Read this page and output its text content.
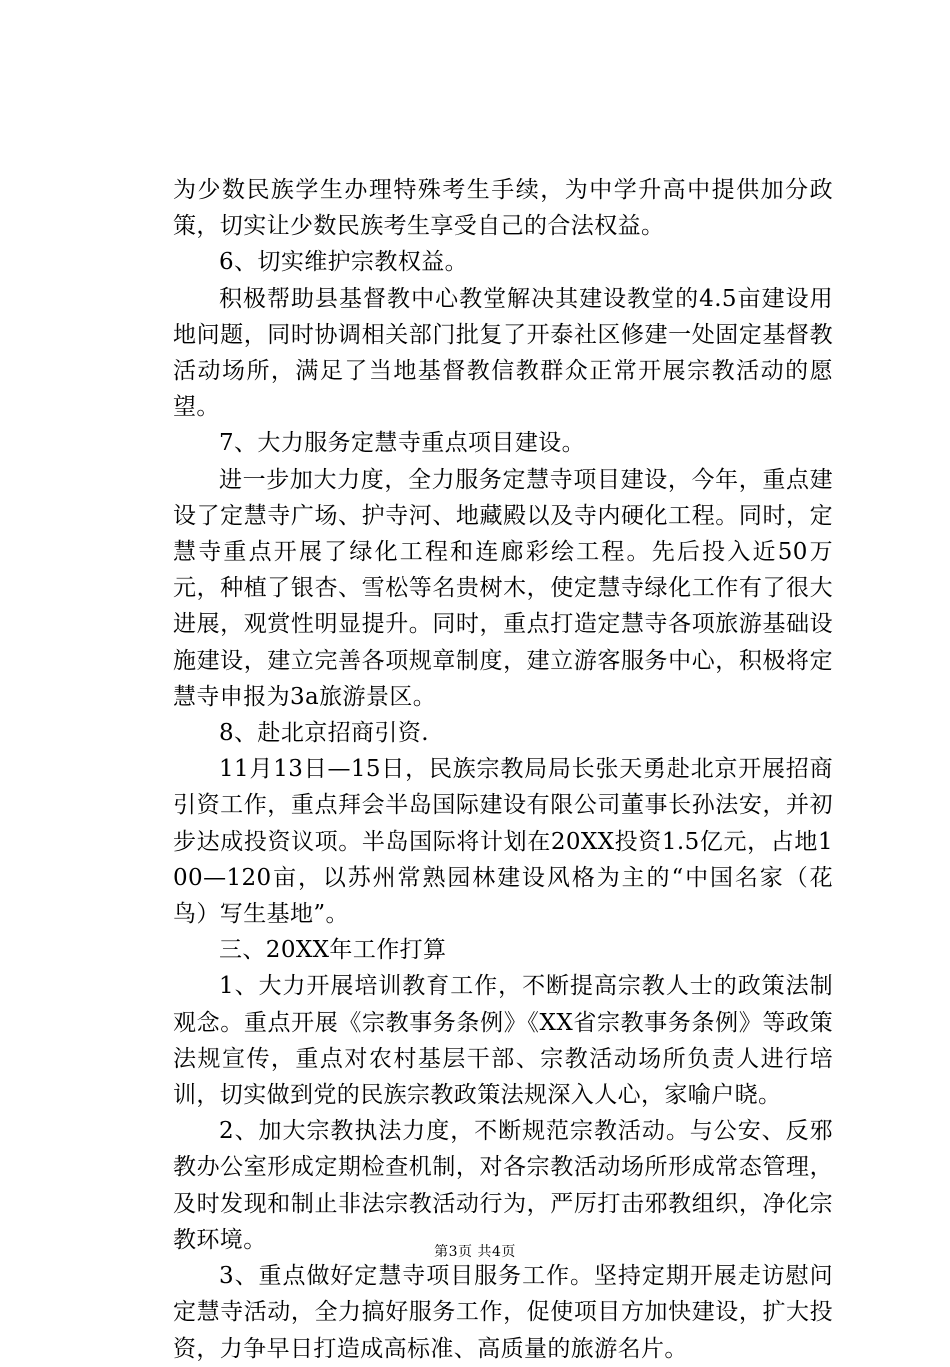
为少数民族学生办理特殊考生手续，为中学升高中提供加分政策，切实让少数民族考生享受自己的合法权益。

6、切实维护宗教权益。

积极帮助县基督教中心教堂解决其建设教堂的4.5亩建设用地问题，同时协调相关部门批复了开泰社区修建一处固定基督教活动场所，满足了当地基督教信教群众正常开展宗教活动的愿望。

7、大力服务定慧寺重点项目建设。

进一步加大力度，全力服务定慧寺项目建设，今年，重点建设了定慧寺广场、护寺河、地藏殿以及寺内硬化工程。同时，定慧寺重点开展了绿化工程和连廊彩绘工程。先后投入近50万元，种植了银杏、雪松等名贵树木，使定慧寺绿化工作有了很大进展，观赏性明显提升。同时，重点打造定慧寺各项旅游基础设施建设，建立完善各项规章制度，建立游客服务中心，积极将定慧寺申报为3a旅游景区。

8、赴北京招商引资.

11月13日—15日，民族宗教局局长张天勇赴北京开展招商引资工作，重点拜会半岛国际建设有限公司董事长孙法安，并初步达成投资议项。半岛国际将计划在20XX投资1.5亿元，占地100—120亩，以苏州常熟园林建设风格为主的“中国名家（花鸟）写生基地”。

三、20XX年工作打算

1、大力开展培训教育工作，不断提高宗教人士的政策法制观念。重点开展《宗教事务条例》《XX省宗教事务条例》等政策法规宣传，重点对农村基层干部、宗教活动场所负责人进行培训，切实做到党的民族宗教政策法规深入人心，家喻户晓。

2、加大宗教执法力度，不断规范宗教活动。与公安、反邪教办公室形成定期检查机制，对各宗教活动场所形成常态管理，及时发现和制止非法宗教活动行为，严厉打击邪教组织，净化宗教环境。

3、重点做好定慧寺项目服务工作。坚持定期开展走访慰问定慧寺活动，全力搞好服务工作，促使项目方加快建设，扩大投资，力争早日打造成高标准、高质量的旅游名片。

第3页 共4页
